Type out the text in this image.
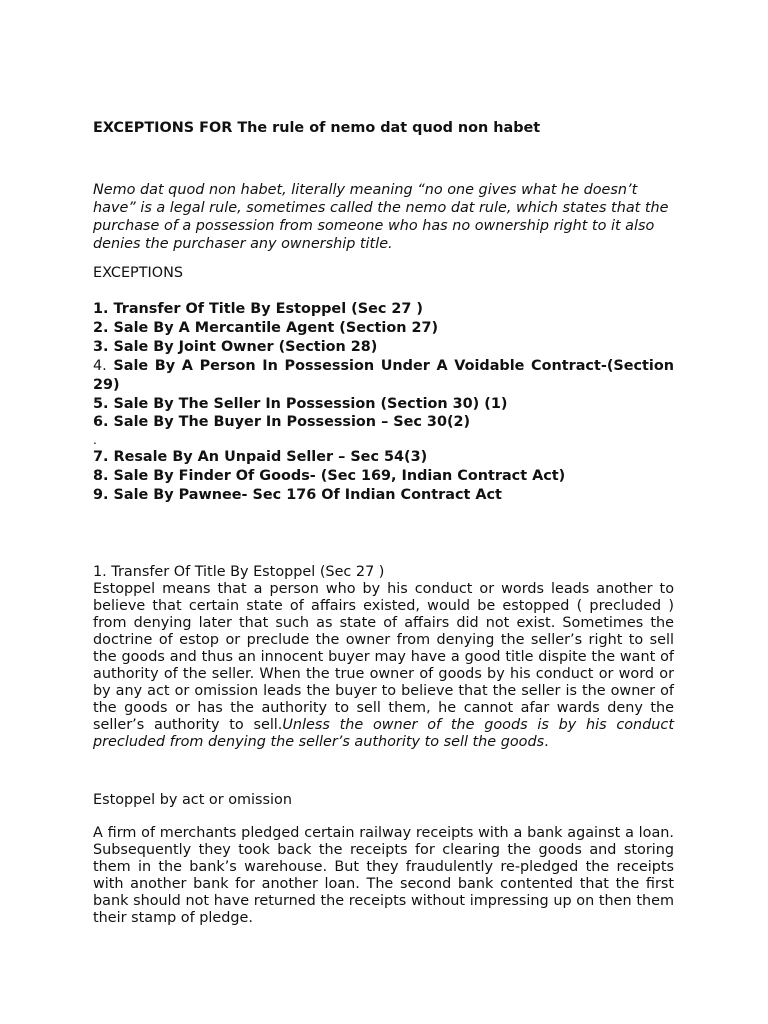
EXCEPTIONS FOR The rule of nemo dat quod non habet
Nemo dat quod non habet, literally meaning “no one gives what he doesn’t have” is a legal rule, sometimes called the nemo dat rule, which states that the purchase of a possession from someone who has no ownership right to it also denies the purchaser any ownership title.
EXCEPTIONS
1. Transfer Of Title By Estoppel (Sec 27 )
2. Sale By A Mercantile Agent (Section 27)
3. Sale By Joint Owner (Section 28)
4. Sale By A Person In Possession Under A Voidable Contract-(Section 29)
5. Sale By The Seller In Possession (Section 30) (1)
6. Sale By The Buyer In Possession – Sec 30(2)
.
7. Resale By An Unpaid Seller – Sec 54(3)
8. Sale By Finder Of Goods- (Sec 169, Indian Contract Act)
9. Sale By Pawnee- Sec 176 Of Indian Contract Act
1. Transfer Of Title By Estoppel (Sec 27 )
Estoppel means that a person who by his conduct or words leads another to believe that certain state of affairs existed, would be estopped ( precluded ) from denying later that such as state of affairs did not exist. Sometimes the doctrine of estop or preclude the owner from denying the seller’s right to sell the goods and thus an innocent buyer may have a good title dispite the want of authority of the seller. When the true owner of goods by his conduct or word or by any act or omission leads the buyer to believe that the seller is the owner of the goods or has the authority to sell them, he cannot afar wards deny the seller’s authority to sell.Unless the owner of the goods is by his conduct precluded from denying the seller’s authority to sell the goods.
Estoppel by act or omission
A firm of merchants pledged certain railway receipts with a bank against a loan. Subsequently they took back the receipts for clearing the goods and storing them in the bank’s warehouse. But they fraudulently re-pledged the receipts with another bank for another loan. The second bank contented that the first bank should not have returned the receipts without impressing up on then them their stamp of pledge.
